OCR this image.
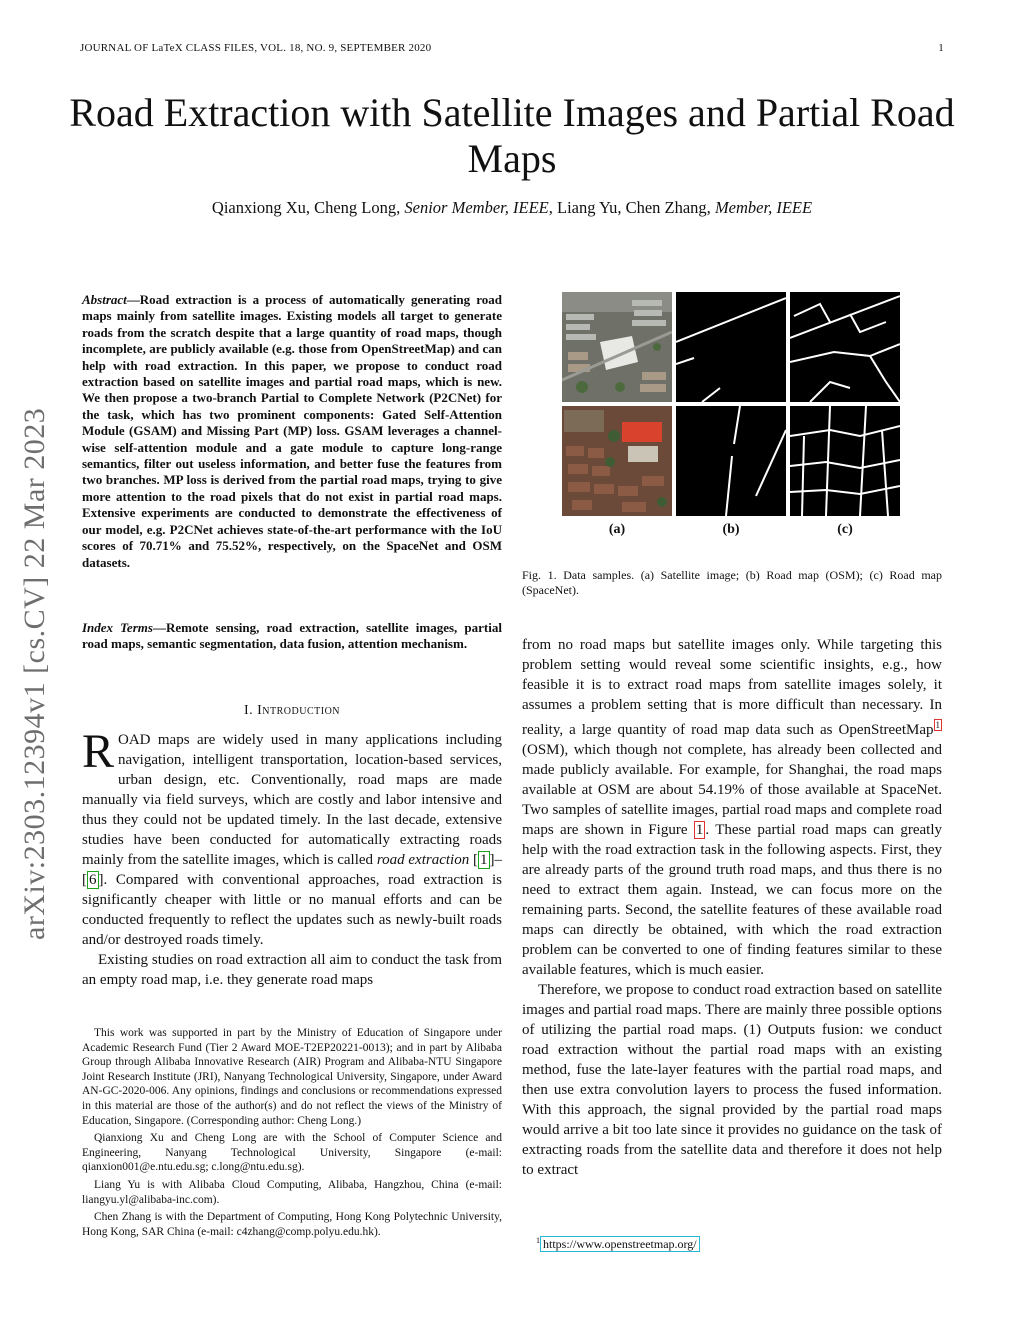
JOURNAL OF LaTeX CLASS FILES, VOL. 18, NO. 9, SEPTEMBER 2020	1
Road Extraction with Satellite Images and Partial Road Maps
Qianxiong Xu, Cheng Long, Senior Member, IEEE, Liang Yu, Chen Zhang, Member, IEEE
arXiv:2303.12394v1 [cs.CV] 22 Mar 2023
Abstract—Road extraction is a process of automatically generating road maps mainly from satellite images. Existing models all target to generate roads from the scratch despite that a large quantity of road maps, though incomplete, are publicly available (e.g. those from OpenStreetMap) and can help with road extraction. In this paper, we propose to conduct road extraction based on satellite images and partial road maps, which is new. We then propose a two-branch Partial to Complete Network (P2CNet) for the task, which has two prominent components: Gated Self-Attention Module (GSAM) and Missing Part (MP) loss. GSAM leverages a channel-wise self-attention module and a gate module to capture long-range semantics, filter out useless information, and better fuse the features from two branches. MP loss is derived from the partial road maps, trying to give more attention to the road pixels that do not exist in partial road maps. Extensive experiments are conducted to demonstrate the effectiveness of our model, e.g. P2CNet achieves state-of-the-art performance with the IoU scores of 70.71% and 75.52%, respectively, on the SpaceNet and OSM datasets.
Index Terms—Remote sensing, road extraction, satellite images, partial road maps, semantic segmentation, data fusion, attention mechanism.
I. Introduction

ROAD maps are widely used in many applications including navigation, intelligent transportation, location-based services, urban design, etc. Conventionally, road maps are made manually via field surveys, which are costly and labor intensive and thus they could not be updated timely. In the last decade, extensive studies have been conducted for automatically extracting roads mainly from the satellite images, which is called road extraction [ 1 ]–[ 6 ]. Compared with conventional approaches, road extraction is significantly cheaper with little or no manual efforts and can be conducted frequently to reflect the updates such as newly-built roads and/or destroyed roads timely.

Existing studies on road extraction all aim to conduct the task from an empty road map, i.e. they generate road maps

This work was supported in part by the Ministry of Education of Singapore under Academic Research Fund (Tier 2 Award MOE-T2EP20221-0013); and in part by Alibaba Group through Alibaba Innovative Research (AIR) Program and Alibaba-NTU Singapore Joint Research Institute (JRI), Nanyang Technological University, Singapore, under Award AN-GC-2020-006. Any opinions, findings and conclusions or recommendations expressed in this material are those of the author(s) and do not reflect the views of the Ministry of Education, Singapore. (Corresponding author: Cheng Long.)

Qianxiong Xu and Cheng Long are with the School of Computer Science and Engineering, Nanyang Technological University, Singapore (e-mail: qianxion001@e.ntu.edu.sg; c.long@ntu.edu.sg).

Liang Yu is with Alibaba Cloud Computing, Alibaba, Hangzhou, China (e-mail: liangyu.yl@alibaba-inc.com).

Chen Zhang is with the Department of Computing, Hong Kong Polytechnic University, Hong Kong, SAR China (e-mail: c4zhang@comp.polyu.edu.hk).

(a)	(b)	(c)
Fig. 1. Data samples. (a) Satellite image; (b) Road map (OSM); (c) Road map (SpaceNet).

from no road maps but satellite images only. While targeting this problem setting would reveal some scientific insights, e.g., how feasible it is to extract road maps from satellite images solely, it assumes a problem setting that is more difficult than necessary. In reality, a large quantity of road map data such as OpenStreetMap $^1$ (OSM), which though not complete, has already been collected and made publicly available. For example, for Shanghai, the road maps available at OSM are about 54.19% of those available at SpaceNet. Two samples of satellite images, partial road maps and complete road maps are shown in Figure 1 . These partial road maps can greatly help with the road extraction task in the following aspects. First, they are already parts of the ground truth road maps, and thus there is no need to extract them again. Instead, we can focus more on the remaining parts. Second, the satellite features of these available road maps can directly be obtained, with which the road extraction problem can be converted to one of finding features similar to these available features, which is much easier.

Therefore, we propose to conduct road extraction based on satellite images and partial road maps. There are mainly three possible options of utilizing the partial road maps. (1) Outputs fusion: we conduct road extraction without the partial road maps with an existing method, fuse the late-layer features with the partial road maps, and then use extra convolution layers to process the fused information. With this approach, the signal provided by the partial road maps would arrive a bit too late since it provides no guidance on the task of extracting roads from the satellite data and therefore it does not help to extract

$^1$ https://www.openstreetmap.org/
